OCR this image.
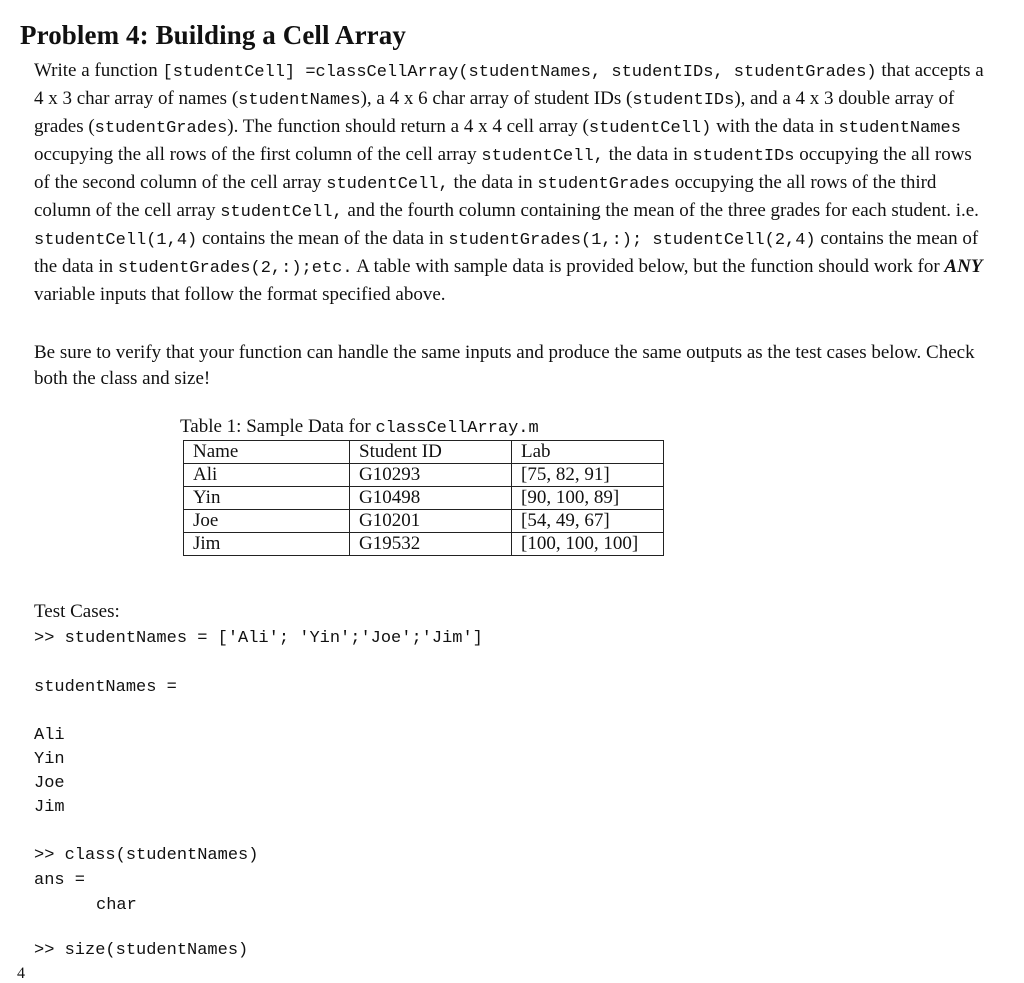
Problem 4: Building a Cell Array

Write a function [studentCell] =classCellArray(studentNames, studentIDs, studentGrades) that accepts a 4 x 3 char array of names (studentNames), a 4 x 6 char array of student IDs (studentIDs), and a 4 x 3 double array of grades (studentGrades). The function should return a 4 x 4 cell array (studentCell) with the data in studentNames occupying the all rows of the first column of the cell array studentCell, the data in studentIDs occupying the all rows of the second column of the cell array studentCell, the data in studentGrades occupying the all rows of the third column of the cell array studentCell, and the fourth column containing the mean of the three grades for each student. i.e. studentCell(1,4) contains the mean of the data in studentGrades(1,:); studentCell(2,4) contains the mean of the data in studentGrades(2,:);etc. A table with sample data is provided below, but the function should work for ANY variable inputs that follow the format specified above.

Be sure to verify that your function can handle the same inputs and produce the same outputs as the test cases below. Check both the class and size!

Table 1: Sample Data for classCellArray.m
Name	Student ID	Lab
Ali	G10293	[75, 82, 91]
Yin	G10498	[90, 100, 89]
Joe	G10201	[54, 49, 67]
Jim	G19532	[100, 100, 100]
Test Cases:
>> studentNames = ['Ali'; 'Yin';'Joe';'Jim']
studentNames =
Ali
Yin
Joe
Jim
>> class(studentNames)
ans =
char
>> size(studentNames)
4
